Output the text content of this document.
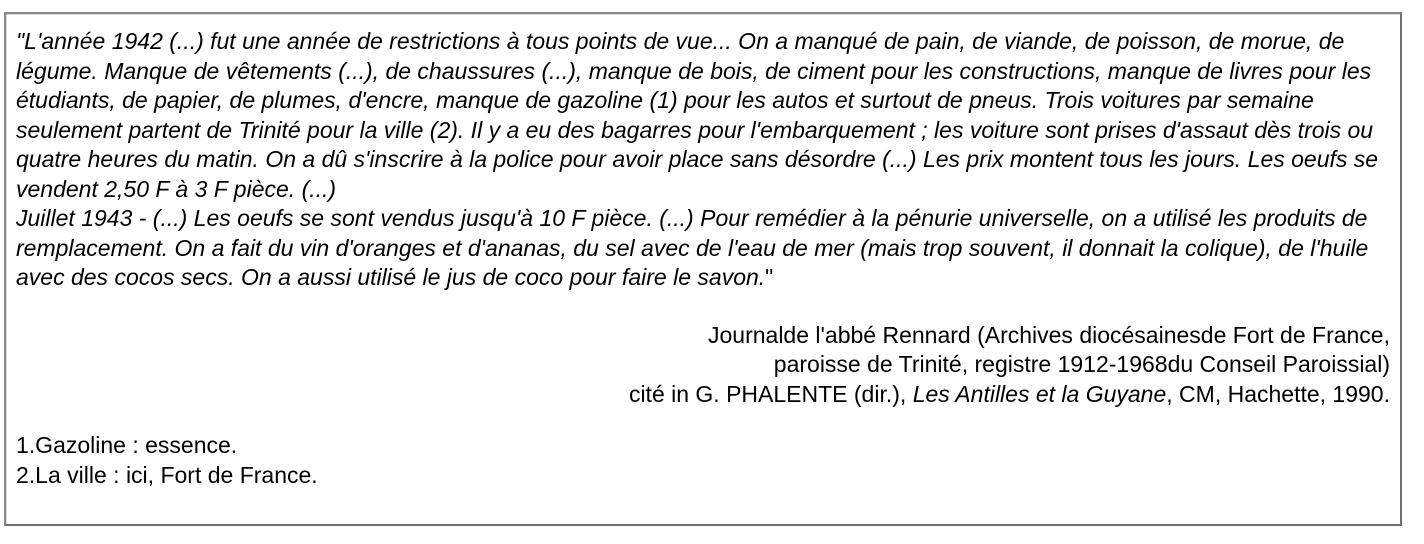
"L'année 1942 (...) fut une année de restrictions à tous points de vue... On a manqué de pain, de viande, de poisson, de morue, de légume. Manque de vêtements (...), de chaussures (...), manque de bois, de ciment pour les constructions, manque de livres pour les étudiants, de papier, de plumes, d'encre, manque de gazoline (1) pour les autos et surtout de pneus. Trois voitures par semaine seulement partent de Trinité pour la ville (2). Il y a eu des bagarres pour l'embarquement ; les voiture sont prises d'assaut dès trois ou quatre heures du matin. On a dû s'inscrire à la police pour avoir place sans désordre (...) Les prix montent tous les jours. Les oeufs se vendent 2,50 F à 3 F pièce. (...)

Juillet 1943 - (...) Les oeufs se sont vendus jusqu'à 10 F pièce. (...) Pour remédier à la pénurie universelle, on a utilisé les produits de remplacement. On a fait du vin d'oranges et d'ananas, du sel avec de l'eau de mer (mais trop souvent, il donnait la colique), de l'huile avec des cocos secs. On a aussi utilisé le jus de coco pour faire le savon."

Journalde l'abbé Rennard (Archives diocésainesde Fort de France,
paroisse de Trinité, registre 1912-1968du Conseil Paroissial)
cité in G. PHALENTE (dir.), Les Antilles et la Guyane, CM, Hachette, 1990.
1.Gazoline : essence.
2.La ville : ici, Fort de France.
